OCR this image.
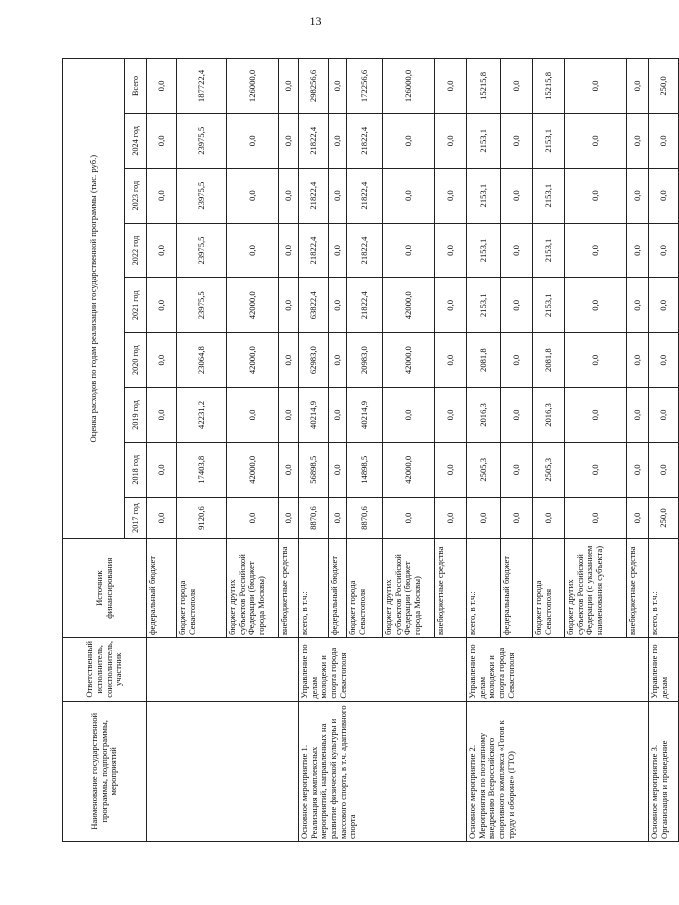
13
Наименование государственной программы, подпрограммы, мероприятий	Ответственный исполнитель, соисполнитель, участник	Источник финансирования	Оценка расходов по годам реализации государственной программы (тыс. руб.)								
			2017 год	2018 год	2019 год	2020 год	2021 год	2022 год	2023 год	2024 год	Всего
		федеральный бюджет	0,0	0,0	0,0	0,0	0,0	0,0	0,0	0,0	0,0
		бюджет города Севастополя	9120,6	17403,8	42231,2	23064,8	23975,5	23975,5	23975,5	23975,5	187722,4
		бюджет других субъектов Российской Федерации (бюджет города Москвы)	0,0	42000,0	0,0	42000,0	42000,0	0,0	0,0	0,0	126000,0
		внебюджетные средства	0,0	0,0	0,0	0,0	0,0	0,0	0,0	0,0	0,0
Основное мероприятие 1. Реализация комплексных мероприятий, направленных на развитие физической культуры и массового спорта, в т.ч. адаптивного спорта	Управление по делам молодежи и спорта города Севастополя	всего, в т.ч.:	8870,6	56898,5	40214,9	62983,0	63822,4	21822,4	21822,4	21822,4	298256,6
		федеральный бюджет	0,0	0,0	0,0	0,0	0,0	0,0	0,0	0,0	0,0
		бюджет города Севастополя	8870,6	14898,5	40214,9	20983,0	21822,4	21822,4	21822,4	21822,4	172256,6
		бюджет других субъектов Российской Федерации (бюджет города Москвы)	0,0	42000,0	0,0	42000,0	42000,0	0,0	0,0	0,0	126000,0
		внебюджетные средства	0,0	0,0	0,0	0,0	0,0	0,0	0,0	0,0	0,0
Основное мероприятие 2. Мероприятия по поэтапному внедрению Всероссийского спортивного комплекса «Готов к труду и обороне» (ГТО)	Управление по делам молодежи и спорта города Севастополя	всего, в т.ч.:	0,0	2505,3	2016,3	2081,8	2153,1	2153,1	2153,1	2153,1	15215,8
		федеральный бюджет	0,0	0,0	0,0	0,0	0,0	0,0	0,0	0,0	0,0
		бюджет города Севастополя	0,0	2505,3	2016,3	2081,8	2153,1	2153,1	2153,1	2153,1	15215,8
		бюджет других субъектов Российской Федерации (с указанием наименования субъекта)	0,0	0,0	0,0	0,0	0,0	0,0	0,0	0,0	0,0
		внебюджетные средства	0,0	0,0	0,0	0,0	0,0	0,0	0,0	0,0	0,0
Основное мероприятие 3. Организация и проведение	Управление по делам	всего, в т.ч.:	250,0	0,0	0,0	0,0	0,0	0,0	0,0	0,0	250,0
